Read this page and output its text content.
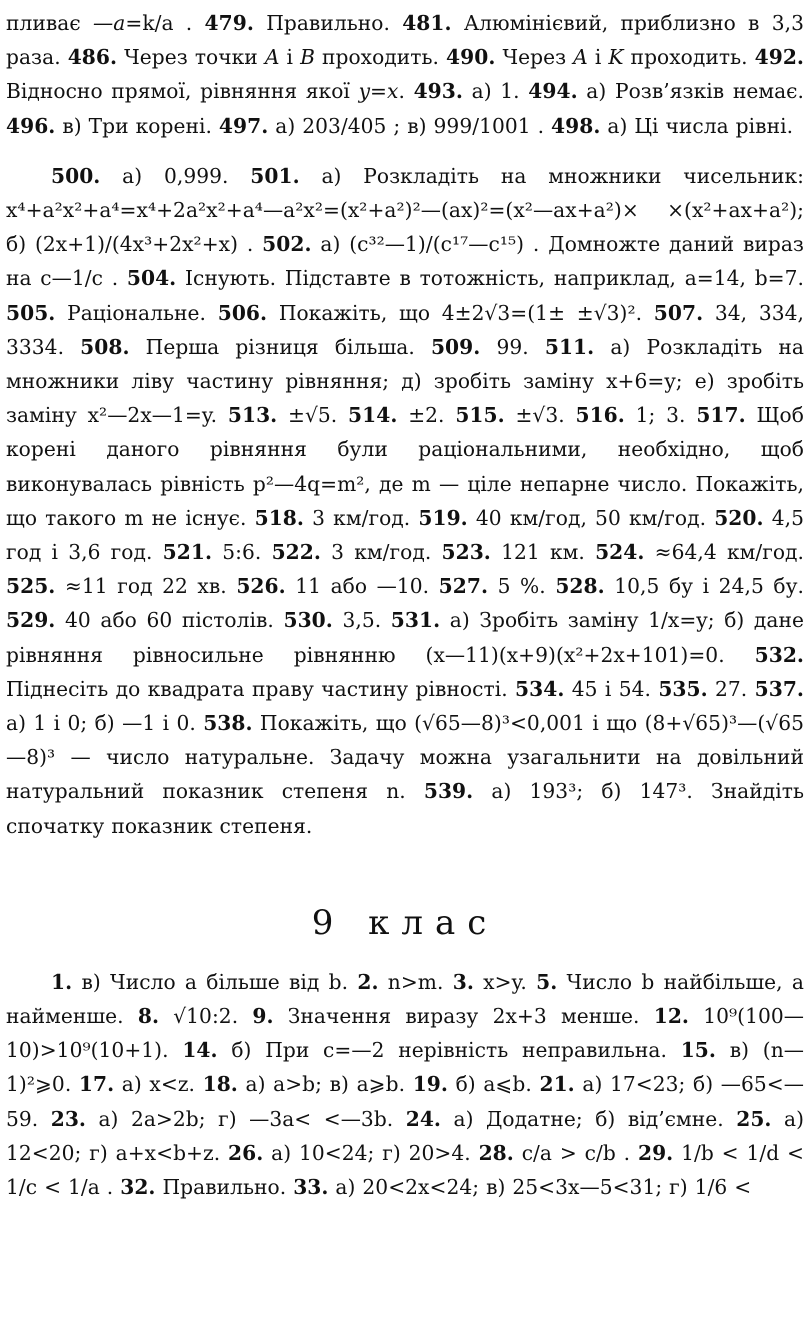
пливає —a=k/a . 479. Правильно. 481. Алюмінієвий, приблизно в 3,3 раза. 486. Через точки A і B проходить. 490. Через A і K проходить. 492. Відносно прямої, рівняння якої y=x. 493. а) 1. 494. а) Розв’язків немає. 496. в) Три корені. 497. а) 203/405 ; в) 999/1001 . 498. а) Ці числа рівні.

500. а) 0,999. 501. а) Розкладіть на множники чисельник: x⁴+a²x²+a⁴=x⁴+2a²x²+a⁴—a²x²=(x²+a²)²—(ax)²=(x²—ax+a²)× ×(x²+ax+a²); б) (2x+1)/(4x³+2x²+x) . 502. а) (c³²—1)/(c¹⁷—c¹⁵) . Домножте даний вираз на c—1/c . 504. Існують. Підставте в тотожність, наприклад, a=14, b=7. 505. Раціональне. 506. Покажіть, що 4±2√3=(1± ±√3)². 507. 34, 334, 3334. 508. Перша різниця більша. 509. 99. 511. а) Розкладіть на множники ліву частину рівняння; д) зробіть заміну x+6=y; е) зробіть заміну x²—2x—1=y. 513. ±√5. 514. ±2. 515. ±√3. 516. 1; 3. 517. Щоб корені даного рівняння були раціональними, необхідно, щоб виконувалась рівність p²—4q=m², де m — ціле непарне число. Покажіть, що такого m не існує. 518. 3 км/год. 519. 40 км/год, 50 км/год. 520. 4,5 год і 3,6 год. 521. 5:6. 522. 3 км/год. 523. 121 км. 524. ≈64,4 км/год. 525. ≈11 год 22 хв. 526. 11 або —10. 527. 5 %. 528. 10,5 бу і 24,5 бу. 529. 40 або 60 пістолів. 530. 3,5. 531. а) Зробіть заміну 1/x=y; б) дане рівняння рівносильне рівнянню (x—11)(x+9)(x²+2x+101)=0. 532. Піднесіть до квадрата праву частину рівності. 534. 45 і 54. 535. 27. 537. а) 1 і 0; б) —1 і 0. 538. Покажіть, що (√65—8)³<0,001 і що (8+√65)³—(√65—8)³ — число натуральне. Задачу можна узагальнити на довільний натуральний показник степеня n. 539. а) 193³; б) 147³. Знайдіть спочатку показник степеня.

9 клас

1. в) Число a більше від b. 2. n>m. 3. x>y. 5. Число b найбільше, a найменше. 8. √10:2. 9. Значення виразу 2x+3 менше. 12. 10⁹(100—10)>10⁹(10+1). 14. б) При c=—2 нерівність неправильна. 15. в) (n—1)²⩾0. 17. а) x<z. 18. а) a>b; в) a⩾b. 19. б) a⩽b. 21. а) 17<23; б) —65<—59. 23. а) 2a>2b; г) —3a< <—3b. 24. а) Додатне; б) від’ємне. 25. а) 12<20; г) a+x<b+z. 26. а) 10<24; г) 20>4. 28. c/a > c/b . 29. 1/b < 1/d < 1/c < 1/a . 32. Правильно. 33. а) 20<2x<24; в) 25<3x—5<31; г) 1/6 <
